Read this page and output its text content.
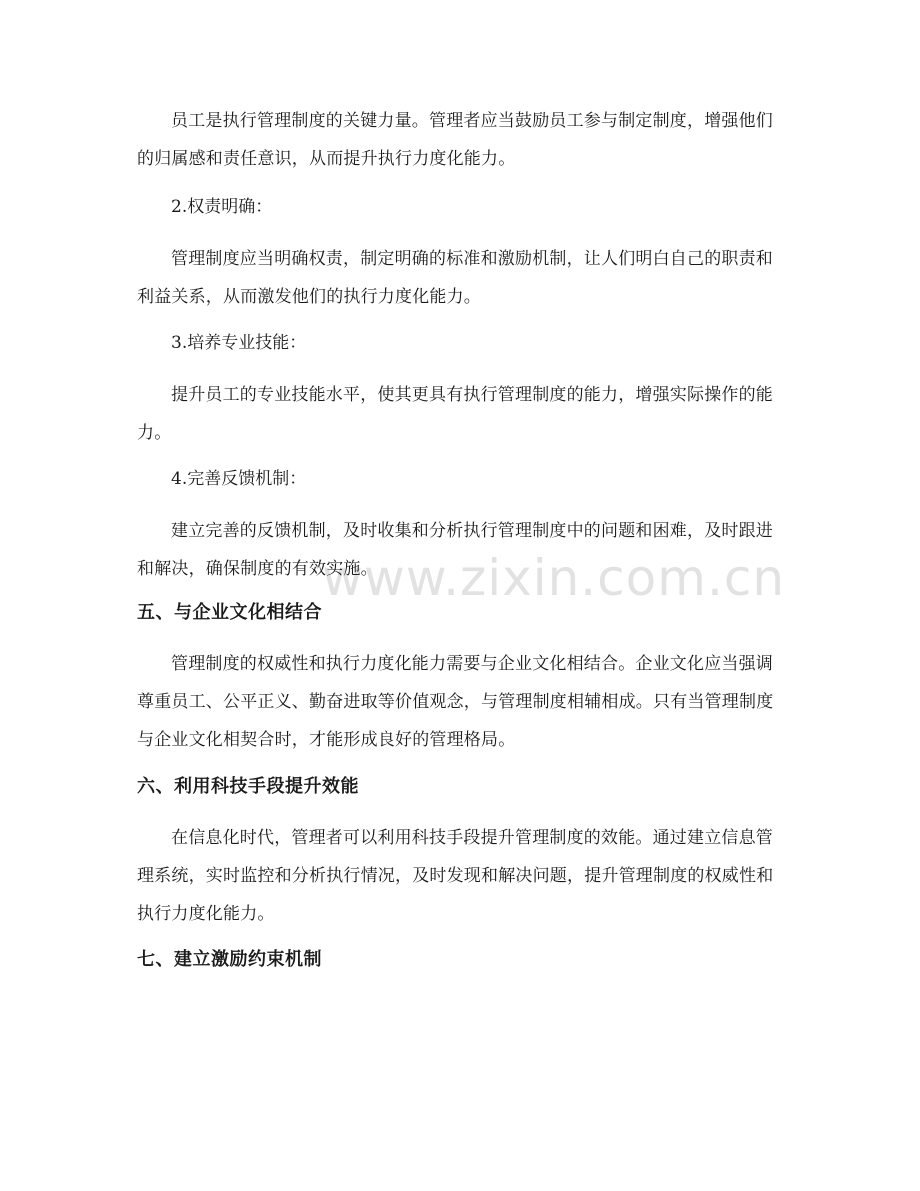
www.zixin.com.cn

员工是执行管理制度的关键力量。管理者应当鼓励员工参与制定制度，增强他们的归属感和责任意识，从而提升执行力度化能力。

2.权责明确：

管理制度应当明确权责，制定明确的标准和激励机制，让人们明白自己的职责和利益关系，从而激发他们的执行力度化能力。

3.培养专业技能：

提升员工的专业技能水平，使其更具有执行管理制度的能力，增强实际操作的能力。

4.完善反馈机制：

建立完善的反馈机制，及时收集和分析执行管理制度中的问题和困难，及时跟进和解决，确保制度的有效实施。

五、与企业文化相结合

管理制度的权威性和执行力度化能力需要与企业文化相结合。企业文化应当强调尊重员工、公平正义、勤奋进取等价值观念，与管理制度相辅相成。只有当管理制度与企业文化相契合时，才能形成良好的管理格局。

六、利用科技手段提升效能

在信息化时代，管理者可以利用科技手段提升管理制度的效能。通过建立信息管理系统，实时监控和分析执行情况，及时发现和解决问题，提升管理制度的权威性和执行力度化能力。

七、建立激励约束机制
